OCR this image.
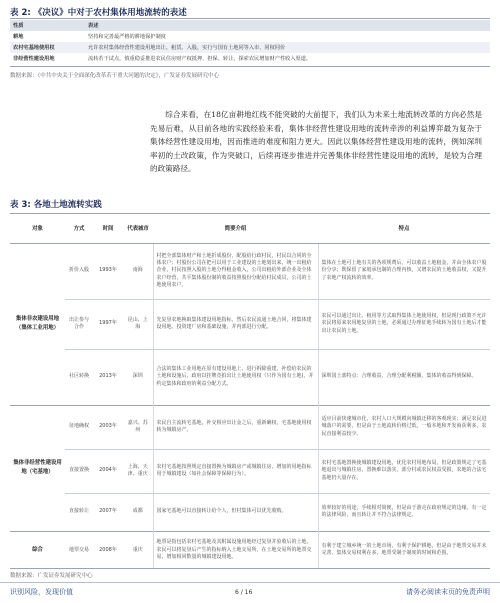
表 2: 《决议》中对于农村集体用地流转的表述
性质	表述
耕地	坚持和完善最严格的耕地保护制度
农村宅基地使用权	允许农村集体经营性建设用地出让、租赁、入股，实行与国有土地同等入市、同权同价
非经营性建设用地	流转若干试点，慎重稳妥推进农民住房财产权抵押、担保、转让，探索农民增加财产性收入渠道。
数据来源：《中共中央关于全面深化改革若干重大问题的决定》，广发证券发展研究中心
综合来看，在18亿亩耕地红线不能突破的大前提下，我们认为未来土地流转改革的方向必然是先易后难，从目前各地的实践经验来看，集体非经营性建设用地的流转牵涉的利益博弈最为复杂于集体经营性建设用地，因而推进的难度和阻力更大。因此以集体经营性建设用地的流转，例如深圳率初的土改政策，作为突破口，后续再逐步推进并完善集体非经营性建设用地的流转，是较为合理的政策路径。
表 3: 各地土地流转实践
对象	方式	时间	代表城市	简要介绍	特点
集体非农建设用地（集体工业用地）	折价入股	1993年	南海	村把全部集体财产和土地折成股份，配股给行政村民，村民以合同的全体农户；村股份公司在把可以用于工业建设的土地划出来，统一出租给企业，村民按照入股的土地分得租金收入，公司出租给外部企业及全体农户经营，共平集体股份制的收益按照股份分配给村民成员，公司的土地使用农户。	集体在土地可上地有关的各项规费后，可以收益土地租金，并由全体农户股份分享；既保留了家庭承包制的合理内核，又增农民的土地收益权，又提升了农地产权流转的效率。
	出让参与合作	1997年	昆山、上海	先复垦农地换取集体建设用地指标，然后农民流通土地合同，将集体建设用地、投资建厂房和基础设施，并内部进行分配。	农民可以通过出让、租用等方式取得集体土地使用权，但是现行政策不允许农民将原来农用地复垦的土地，必须通过办理征地手续转为国有土地后才能出让农民的土地。
	社区转换	2013年	深圳	合法的集体工业用地在原有建设用地上、进行拆除重建，补偿给农民的土地和设施后，政府以挂牌竞拍出让土地使用权（只作为国有土地)，并约定集体和政府的利益分配方式。	深圳国土部特点：合理收益，合理分配利税额，集体的收益得到保障。
集体非经营性建设用地（宅基地）	征地确权	2003年	嘉兴、苏州	农民自主流转宅基地，补交相应出让金之后，重新确权，宅基地使用权转为城镇房产。	适应目前快速城市化，农村人口大规模向城镇迁移的客观现实；满足农民进城落户的需要，但是由于土地流转价格过低，一般本地和开发商获利多，农民直接利益较少。
	直接置换	2004年	上海、天津、重庆	农村宅基地按照规定直接置换为城镇房产或城镇住房，增加的用地指标用于城镇建设（如社会保障等保障行为）。	农村宅基地置换使城镇建设用地，优化农村用地布局，但是政策规定了宅基地退出与城镇住房、置换难以落实，部分村或农民权益受损，农地的合法宅基地仍大量存在。
	直接转让	2007年	成都	国家宅基地可以直接转让给个人，但村集体可以优先收购。	效率较好的用途，手续相对简便，但是由于游走在政府规定的边缘，有一定的法律风险，而且转让并不符合法律规定。
综合	地票交易	2008年	重庆	地票是指包括农村宅基地及其附属设施用地经过复垦并验收后的土地，农民可以将复垦后产生的指标纳入土地交易所，在土地交易所的地票交易，增加相同数量的城镇建设用地。	有利于建立城乡统一的土地市场，有利于保护耕地，但是由于地票交易并未完善，集体交易权利在多，地票受制于制度的时间和范围。
数据来源：广发证券发展研究中心
识别风险，发现价值	6 / 16	请务必阅读末页的免责声明
